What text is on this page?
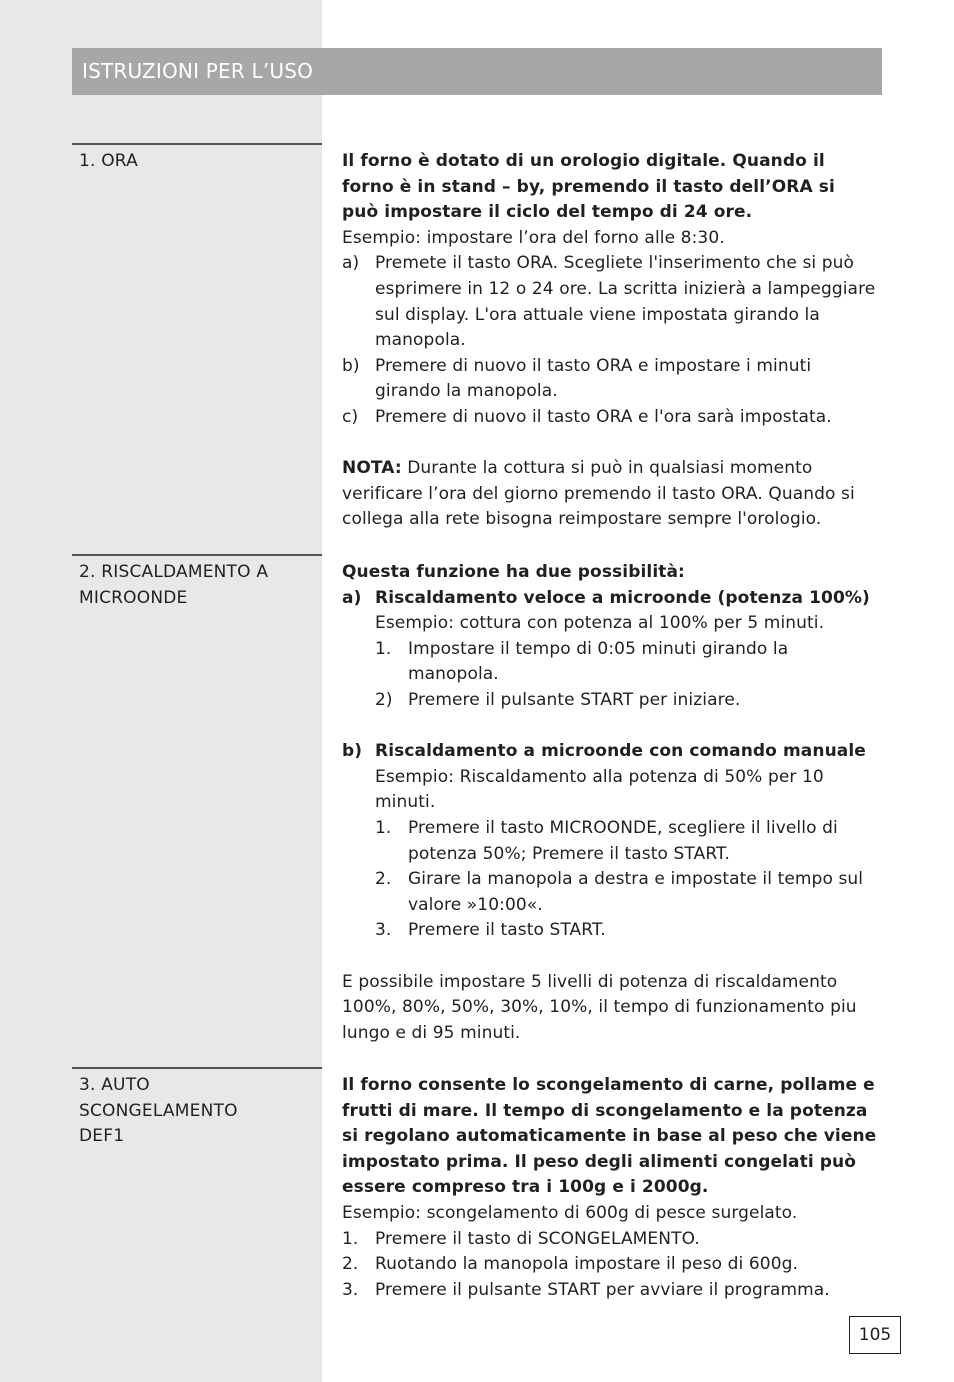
ISTRUZIONI PER L’USO
1. ORA	Il forno è dotato di un orologio digitale. Quando il forno è in stand – by, premendo il tasto dell’ORA si può impostare il ciclo del tempo di 24 ore.

Esempio: impostare l’ora del forno alle 8:30.

a) Premete il tasto ORA. Scegliete l'inserimento che si può esprimere in 12 o 24 ore. La scritta inizierà a lampeggiare sul display. L'ora attuale viene impostata girando la manopola.
b) Premere di nuovo il tasto ORA e impostare i minuti girando la manopola.
c) Premere di nuovo il tasto ORA e l'ora sarà impostata.

NOTA: Durante la cottura si può in qualsiasi momento verificare l’ora del giorno premendo il tasto ORA. Quando si collega alla rete bisogna reimpostare sempre l'orologio.

2. RISCALDAMENTO A MICROONDE

Questa funzione ha due possibilità:

a) Riscaldamento veloce a microonde (potenza 100%)

Esempio: cottura con potenza al 100% per 5 minuti.

1. Impostare il tempo di 0:05 minuti girando la manopola.
2) Premere il pulsante START per iniziare.
b) Riscaldamento a microonde con comando manuale

Esempio: Riscaldamento alla potenza di 50% per 10 minuti.

1. Premere il tasto MICROONDE, scegliere il livello di potenza 50%; Premere il tasto START.
2. Girare la manopola a destra e impostate il tempo sul valore »10:00«.
3. Premere il tasto START.

E possibile impostare 5 livelli di potenza di riscaldamento 100%, 80%, 50%, 30%, 10%, il tempo di funzionamento piu lungo e di 95 minuti.

3. AUTO
SCONGELAMENTO
DEF1

Il forno consente lo scongelamento di carne, pollame e frutti di mare. Il tempo di scongelamento e la potenza si regolano automaticamente in base al peso che viene impostato prima. Il peso degli alimenti congelati può essere compreso tra i 100g e i 2000g.

Esempio: scongelamento di 600g di pesce surgelato.

1. Premere il tasto di SCONGELAMENTO.
2. Ruotando la manopola impostare il peso di 600g.
3. Premere il pulsante START per avviare il programma.
105
